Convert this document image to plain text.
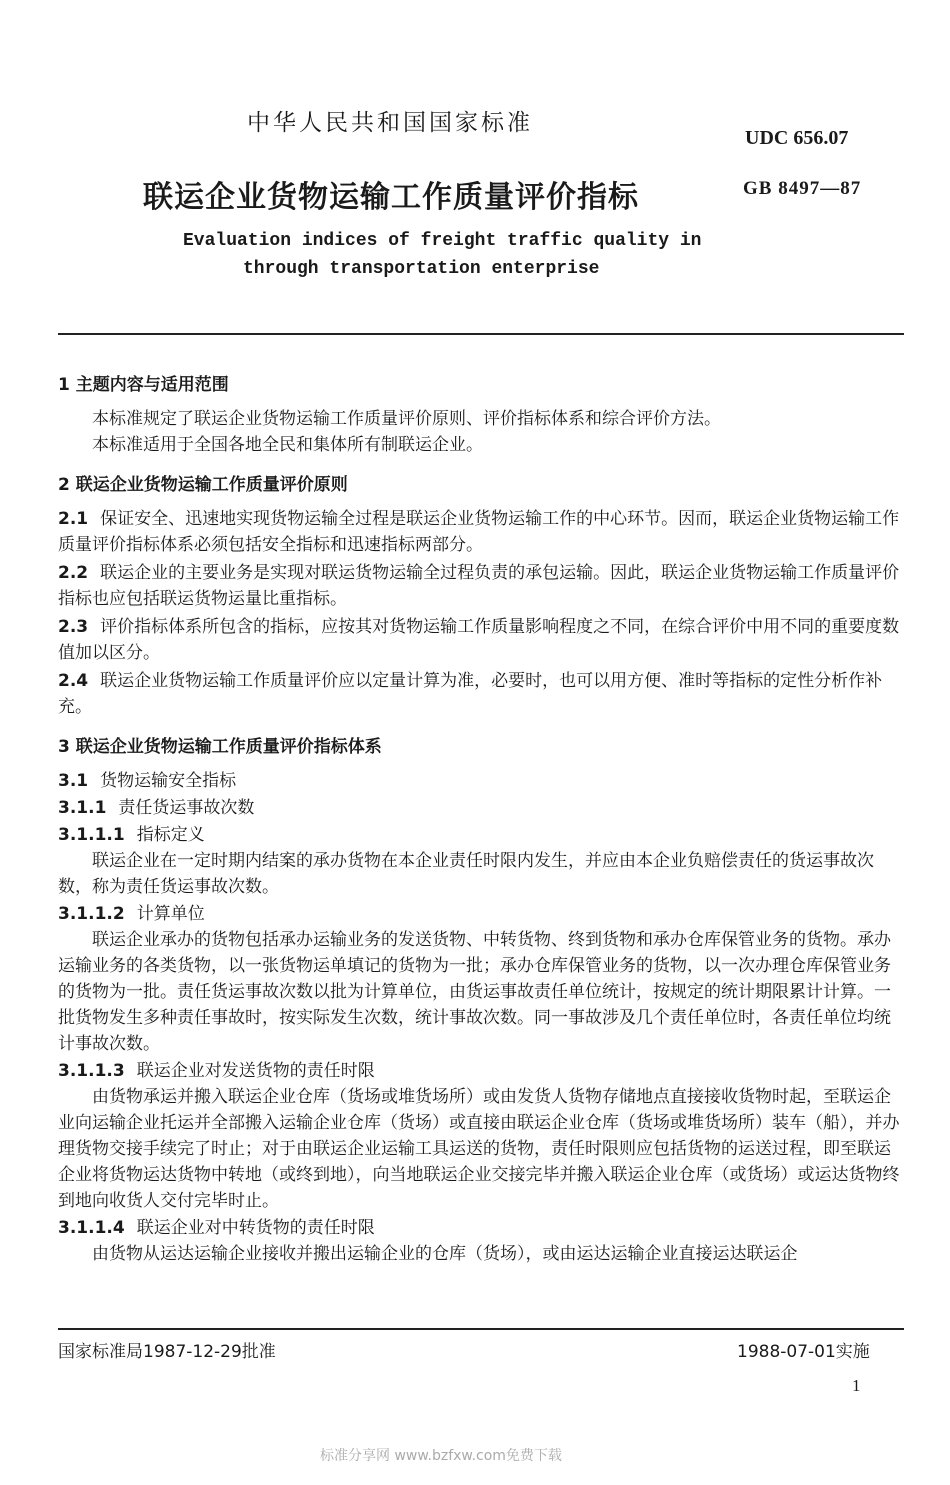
中华人民共和国国家标准
UDC 656.07
联运企业货物运输工作质量评价指标	GB 8497—87
Evaluation indices of freight traffic quality in
through transportation enterprise
1 主题内容与适用范围
本标准规定了联运企业货物运输工作质量评价原则、评价指标体系和综合评价方法。
本标准适用于全国各地全民和集体所有制联运企业。
2 联运企业货物运输工作质量评价原则
2.1 保证安全、迅速地实现货物运输全过程是联运企业货物运输工作的中心环节。因而，联运企业货物运输工作质量评价指标体系必须包括安全指标和迅速指标两部分。
2.2 联运企业的主要业务是实现对联运货物运输全过程负责的承包运输。因此，联运企业货物运输工作质量评价指标也应包括联运货物运量比重指标。
2.3 评价指标体系所包含的指标，应按其对货物运输工作质量影响程度之不同，在综合评价中用不同的重要度数值加以区分。
2.4 联运企业货物运输工作质量评价应以定量计算为准，必要时，也可以用方便、准时等指标的定性分析作补充。
3 联运企业货物运输工作质量评价指标体系
3.1 货物运输安全指标
3.1.1 责任货运事故次数
3.1.1.1 指标定义
联运企业在一定时期内结案的承办货物在本企业责任时限内发生，并应由本企业负赔偿责任的货运事故次数，称为责任货运事故次数。
3.1.1.2 计算单位
联运企业承办的货物包括承办运输业务的发送货物、中转货物、终到货物和承办仓库保管业务的货物。承办运输业务的各类货物，以一张货物运单填记的货物为一批；承办仓库保管业务的货物，以一次办理仓库保管业务的货物为一批。责任货运事故次数以批为计算单位，由货运事故责任单位统计，按规定的统计期限累计计算。一批货物发生多种责任事故时，按实际发生次数，统计事故次数。同一事故涉及几个责任单位时，各责任单位均统计事故次数。
3.1.1.3 联运企业对发送货物的责任时限
由货物承运并搬入联运企业仓库（货场或堆货场所）或由发货人货物存储地点直接接收货物时起，至联运企业向运输企业托运并全部搬入运输企业仓库（货场）或直接由联运企业仓库（货场或堆货场所）装车（船），并办理货物交接手续完了时止；对于由联运企业运输工具运送的货物，责任时限则应包括货物的运送过程，即至联运企业将货物运达货物中转地（或终到地），向当地联运企业交接完毕并搬入联运企业仓库（或货场）或运达货物终到地向收货人交付完毕时止。
3.1.1.4 联运企业对中转货物的责任时限
由货物从运达运输企业接收并搬出运输企业的仓库（货场），或由运达运输企业直接运达联运企
国家标准局1987-12-29批准	1988-07-01实施
1
标准分享网 www.bzfxw.com免费下载
